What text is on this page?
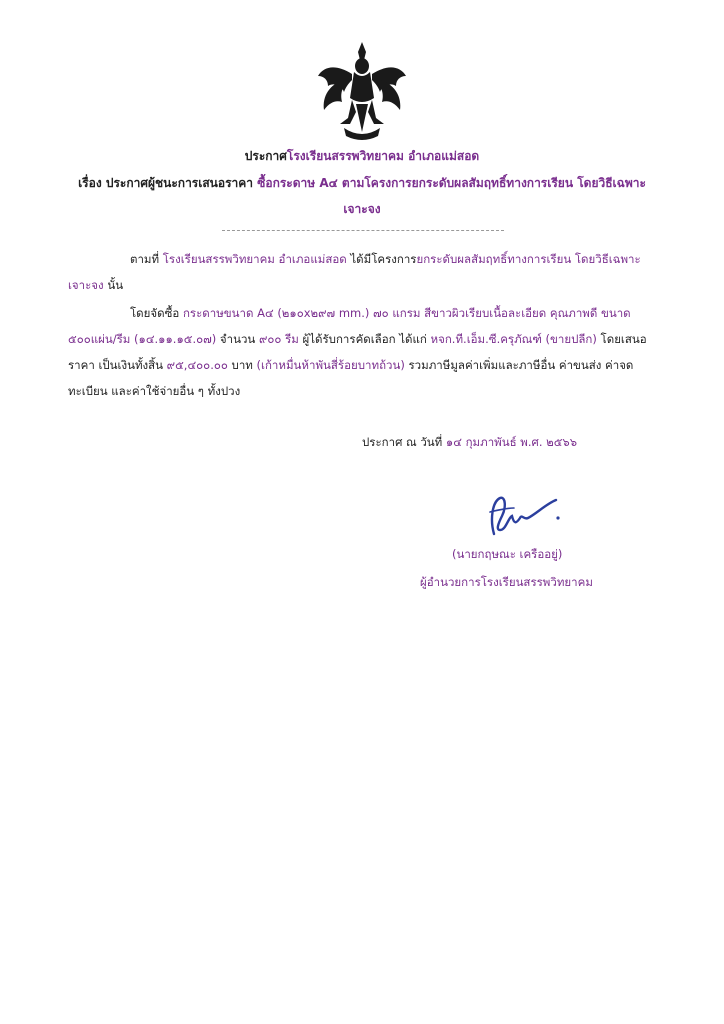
ประกาศโรงเรียนสรรพวิทยาคม อำเภอแม่สอด
เรื่อง ประกาศผู้ชนะการเสนอราคา ซื้อกระดาษ A๔ ตามโครงการยกระดับผลสัมฤทธิ์ทางการเรียน โดยวิธีเฉพาะเจาะจง
ตามที่ โรงเรียนสรรพวิทยาคม อำเภอแม่สอด ได้มีโครงการยกระดับผลสัมฤทธิ์ทางการเรียน โดยวิธีเฉพาะเจาะจง นั้น
โดยจัดซื้อ กระดาษขนาด A๔ (๒๑๐x๒๙๗ mm.) ๗๐ แกรม สีขาวผิวเรียบเนื้อละเอียด คุณภาพดี ขนาด ๕๐๐แผ่น/รีม (๑๔.๑๑.๑๕.๐๗) จำนวน ๙๐๐ รีม ผู้ได้รับการคัดเลือก ได้แก่ หจก.ที.เอ็ม.ซี.ครุภัณฑ์ (ขายปลีก) โดยเสนอราคา เป็นเงินทั้งสิ้น ๙๕,๔๐๐.๐๐ บาท (เก้าหมื่นห้าพันสี่ร้อยบาทถ้วน) รวมภาษีมูลค่าเพิ่มและภาษีอื่น ค่าขนส่ง ค่าจดทะเบียน และค่าใช้จ่ายอื่น ๆ ทั้งปวง
ประกาศ ณ วันที่ ๑๔ กุมภาพันธ์ พ.ศ. ๒๕๖๖
(นายกฤษณะ เครืออยู่)
ผู้อำนวยการโรงเรียนสรรพวิทยาคม
